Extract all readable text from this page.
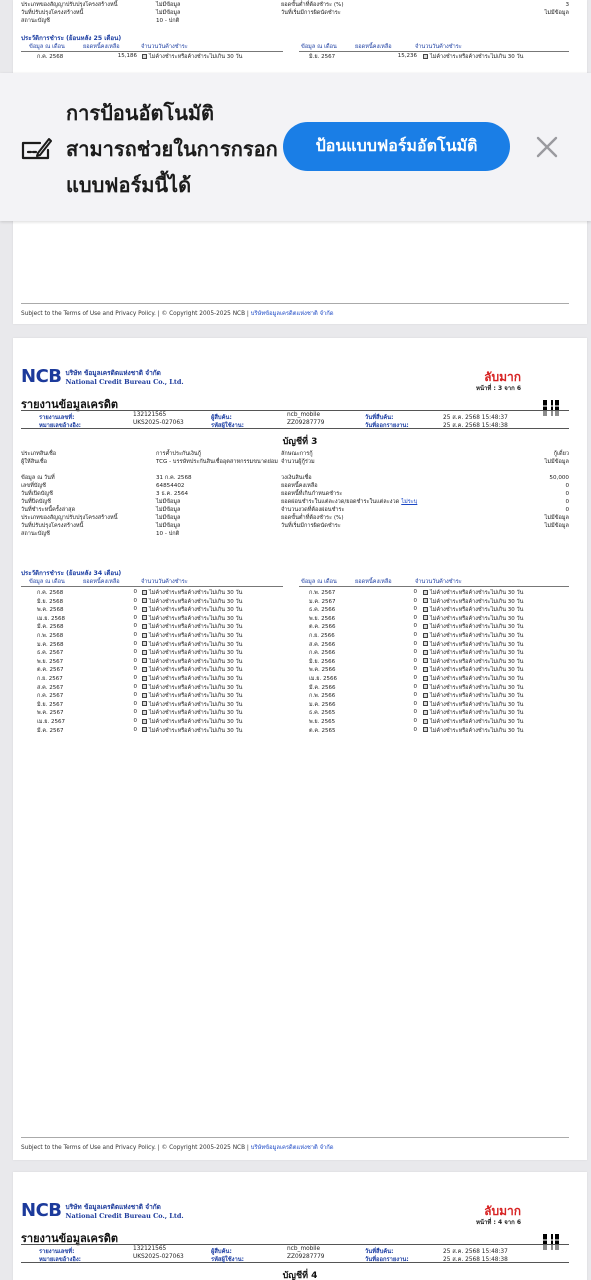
ประเภทของสัญญาปรับปรุงโครงสร้างหนี้	ไม่มีข้อมูล
วันที่ปรับปรุงโครงสร้างหนี้	ไม่มีข้อมูล
สถานะบัญชี	10 - ปกติ
ยอดขั้นต่ำที่ต้องชำระ (%)	3
วันที่เริ่มมีการผิดนัดชำระ	ไม่มีข้อมูล
ประวัติการชำระ (ย้อนหลัง 25 เดือน)
ข้อมูล ณ เดือน	ยอดหนี้คงเหลือ	จำนวนวันค้างชำระ	ข้อมูล ณ เดือน	ยอดหนี้คงเหลือ	จำนวนวันค้างชำระ
ก.ค. 2568	15,186	ไม่ค้างชำระหรือค้างชำระไม่เกิน 30 วัน	มิ.ย. 2567	15,236	ไม่ค้างชำระหรือค้างชำระไม่เกิน 30 วัน
Subject to the Terms of Use and Privacy Policy. | © Copyright 2005-2025 NCB | บริษัทข้อมูลเครดิตแห่งชาติ จำกัด
NCB บริษัท ข้อมูลเครดิตแห่งชาติ จำกัด
National Credit Bureau Co., Ltd.	ลับมาก
หน้าที่ : 3 จาก 6
รายงานข้อมูลเครดิต
รายงานเลขที่:	132121565
หมายเลขอ้างอิง:	UKS2025-027063
ผู้สืบค้น:	ncb_mobile
รหัสผู้ใช้งาน:	ZZ09287779
วันที่สืบค้น:	25 ส.ค. 2568 15:48:37
วันที่ออกรายงาน:	25 ส.ค. 2568 15:48:38
บัญชีที่ 3
ประเภทสินเชื่อ	การค้ำประกันเงินกู้
ผู้ให้สินเชื่อ	TCG - บรรษัทประกันสินเชื่ออุตสาหกรรมขนาดย่อม
ข้อมูล ณ วันที่	31 ก.ค. 2568
เลขที่บัญชี	64854402
วันที่เปิดบัญชี	3 ธ.ค. 2564
วันที่ปิดบัญชี	ไม่มีข้อมูล
วันที่ชำระหนี้ครั้งล่าสุด	ไม่มีข้อมูล
ประเภทของสัญญาปรับปรุงโครงสร้างหนี้	ไม่มีข้อมูล
วันที่ปรับปรุงโครงสร้างหนี้	ไม่มีข้อมูล
สถานะบัญชี	10 - ปกติ
ลักษณะการกู้	กู้เดี่ยว
จำนวนผู้กู้ร่วม	ไม่มีข้อมูล
วงเงินสินเชื่อ	50,000
ยอดหนี้คงเหลือ	0
ยอดหนี้ที่เกินกำหนดชำระ	0
ยอดผ่อนชำระในแต่ละงวด/ยอดชำระในแต่ละงวด ไม่ระบุ	0
จำนวนงวดที่ต้องผ่อนชำระ	0
ยอดขั้นต่ำที่ต้องชำระ (%)	ไม่มีข้อมูล
วันที่เริ่มมีการผิดนัดชำระ	ไม่มีข้อมูล
ประวัติการชำระ (ย้อนหลัง 34 เดือน)
ข้อมูล ณ เดือน	ยอดหนี้คงเหลือ	จำนวนวันค้างชำระ	ข้อมูล ณ เดือน	ยอดหนี้คงเหลือ	จำนวนวันค้างชำระ
ก.ค. 2568	0	ไม่ค้างชำระหรือค้างชำระไม่เกิน 30 วัน
มิ.ย. 2568	0	ไม่ค้างชำระหรือค้างชำระไม่เกิน 30 วัน
พ.ค. 2568	0	ไม่ค้างชำระหรือค้างชำระไม่เกิน 30 วัน
เม.ย. 2568	0	ไม่ค้างชำระหรือค้างชำระไม่เกิน 30 วัน
มี.ค. 2568	0	ไม่ค้างชำระหรือค้างชำระไม่เกิน 30 วัน
ก.พ. 2568	0	ไม่ค้างชำระหรือค้างชำระไม่เกิน 30 วัน
ม.ค. 2568	0	ไม่ค้างชำระหรือค้างชำระไม่เกิน 30 วัน
ธ.ค. 2567	0	ไม่ค้างชำระหรือค้างชำระไม่เกิน 30 วัน
พ.ย. 2567	0	ไม่ค้างชำระหรือค้างชำระไม่เกิน 30 วัน
ต.ค. 2567	0	ไม่ค้างชำระหรือค้างชำระไม่เกิน 30 วัน
ก.ย. 2567	0	ไม่ค้างชำระหรือค้างชำระไม่เกิน 30 วัน
ส.ค. 2567	0	ไม่ค้างชำระหรือค้างชำระไม่เกิน 30 วัน
ก.ค. 2567	0	ไม่ค้างชำระหรือค้างชำระไม่เกิน 30 วัน
มิ.ย. 2567	0	ไม่ค้างชำระหรือค้างชำระไม่เกิน 30 วัน
พ.ค. 2567	0	ไม่ค้างชำระหรือค้างชำระไม่เกิน 30 วัน
เม.ย. 2567	0	ไม่ค้างชำระหรือค้างชำระไม่เกิน 30 วัน
มี.ค. 2567	0	ไม่ค้างชำระหรือค้างชำระไม่เกิน 30 วัน
ก.พ. 2567	0	ไม่ค้างชำระหรือค้างชำระไม่เกิน 30 วัน
ม.ค. 2567	0	ไม่ค้างชำระหรือค้างชำระไม่เกิน 30 วัน
ธ.ค. 2566	0	ไม่ค้างชำระหรือค้างชำระไม่เกิน 30 วัน
พ.ย. 2566	0	ไม่ค้างชำระหรือค้างชำระไม่เกิน 30 วัน
ต.ค. 2566	0	ไม่ค้างชำระหรือค้างชำระไม่เกิน 30 วัน
ก.ย. 2566	0	ไม่ค้างชำระหรือค้างชำระไม่เกิน 30 วัน
ส.ค. 2566	0	ไม่ค้างชำระหรือค้างชำระไม่เกิน 30 วัน
ก.ค. 2566	0	ไม่ค้างชำระหรือค้างชำระไม่เกิน 30 วัน
มิ.ย. 2566	0	ไม่ค้างชำระหรือค้างชำระไม่เกิน 30 วัน
พ.ค. 2566	0	ไม่ค้างชำระหรือค้างชำระไม่เกิน 30 วัน
เม.ย. 2566	0	ไม่ค้างชำระหรือค้างชำระไม่เกิน 30 วัน
มี.ค. 2566	0	ไม่ค้างชำระหรือค้างชำระไม่เกิน 30 วัน
ก.พ. 2566	0	ไม่ค้างชำระหรือค้างชำระไม่เกิน 30 วัน
ม.ค. 2566	0	ไม่ค้างชำระหรือค้างชำระไม่เกิน 30 วัน
ธ.ค. 2565	0	ไม่ค้างชำระหรือค้างชำระไม่เกิน 30 วัน
พ.ย. 2565	0	ไม่ค้างชำระหรือค้างชำระไม่เกิน 30 วัน
ต.ค. 2565	0	ไม่ค้างชำระหรือค้างชำระไม่เกิน 30 วัน
Subject to the Terms of Use and Privacy Policy. | © Copyright 2005-2025 NCB | บริษัทข้อมูลเครดิตแห่งชาติ จำกัด
NCB บริษัท ข้อมูลเครดิตแห่งชาติ จำกัด
National Credit Bureau Co., Ltd.	ลับมาก
หน้าที่ : 4 จาก 6
รายงานข้อมูลเครดิต
รายงานเลขที่:	132121565
หมายเลขอ้างอิง:	UKS2025-027063
ผู้สืบค้น:	ncb_mobile
รหัสผู้ใช้งาน:	ZZ09287779
วันที่สืบค้น:	25 ส.ค. 2568 15:48:37
วันที่ออกรายงาน:	25 ส.ค. 2568 15:48:38
บัญชีที่ 4
การป้อนอัตโนมัติ สามารถช่วยในการกรอกแบบฟอร์มนี้ได้
ป้อนแบบฟอร์มอัตโนมัติ
